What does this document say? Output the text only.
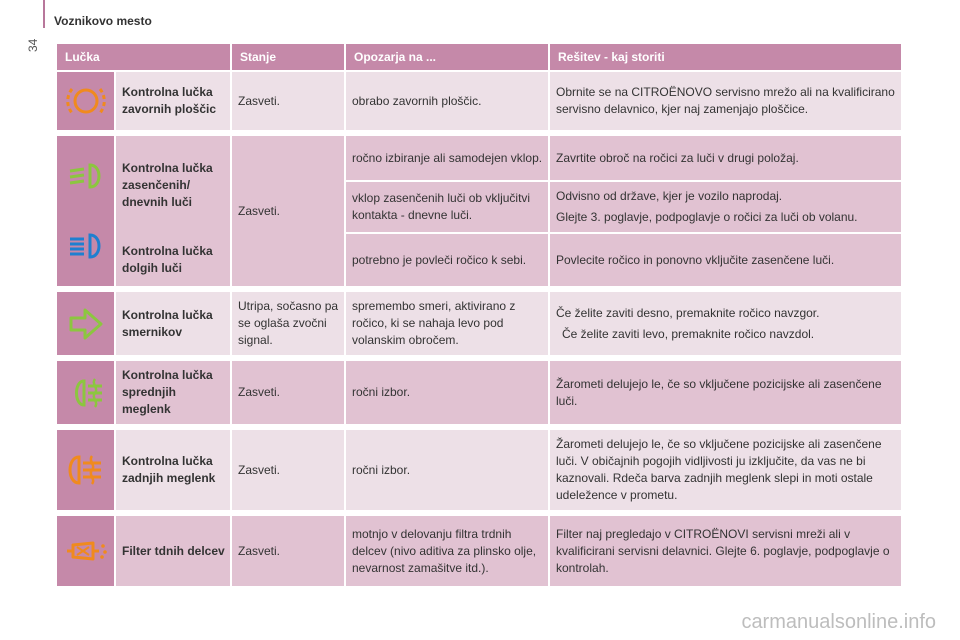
34
Voznikovo mesto
Lučka		Stanje	Opozarja na ...	Rešitev - kaj storiti

	Kontrolna lučka zavornih ploščic	Zasveti.	obrabo zavornih ploščic.	Obrnite se na CITROËNOVO servisno mrežo ali na kvalificirano servisno delavnico, kjer naj zamenjajo ploščice.

	Kontrolna lučka zasenčenih/ dnevnih luči	Zasveti.	ročno izbiranje ali samodejen vklop.	Zavrtite obroč na ročici za luči v drugi položaj.
			vklop zasenčenih luči ob vključitvi kontakta - dnevne luči.	Odvisno od države, kjer je vozilo naprodaj.
Glejte 3. poglavje, podpoglavje o ročici za luči ob volanu.

	Kontrolna lučka dolgih luči		potrebno je povleči ročico k sebi.	Povlecite ročico in ponovno vključite zasenčene luči.

	Kontrolna lučka smernikov	Utripa, sočasno pa se oglaša zvočni signal.	spremembo smeri, aktivirano z ročico, ki se nahaja levo pod volanskim obročem.	Če želite zaviti desno, premaknite ročico navzgor.
Če želite zaviti levo, premaknite ročico navzdol.

	Kontrolna lučka sprednjih meglenk	Zasveti.	ročni izbor.	Žarometi delujejo le, če so vključene pozicijske ali zasenčene luči.

	Kontrolna lučka zadnjih meglenk	Zasveti.	ročni izbor.	Žarometi delujejo le, če so vključene pozicijske ali zasenčene luči. V običajnih pogojih vidljivosti ju izključite, da vas ne bi kaznovali. Rdeča barva zadnjih meglenk slepi in moti ostale udeležence v prometu.

	Filter tdnih delcev	Zasveti.	motnjo v delovanju filtra trdnih delcev (nivo aditiva za plinsko olje, nevarnost zamašitve itd.).	Filter naj pregledajo v CITROËNOVI servisni mreži ali v kvalificirani servisni delavnici. Glejte 6. poglavje, podpoglavje o kontrolah.
carmanualsonline.info
